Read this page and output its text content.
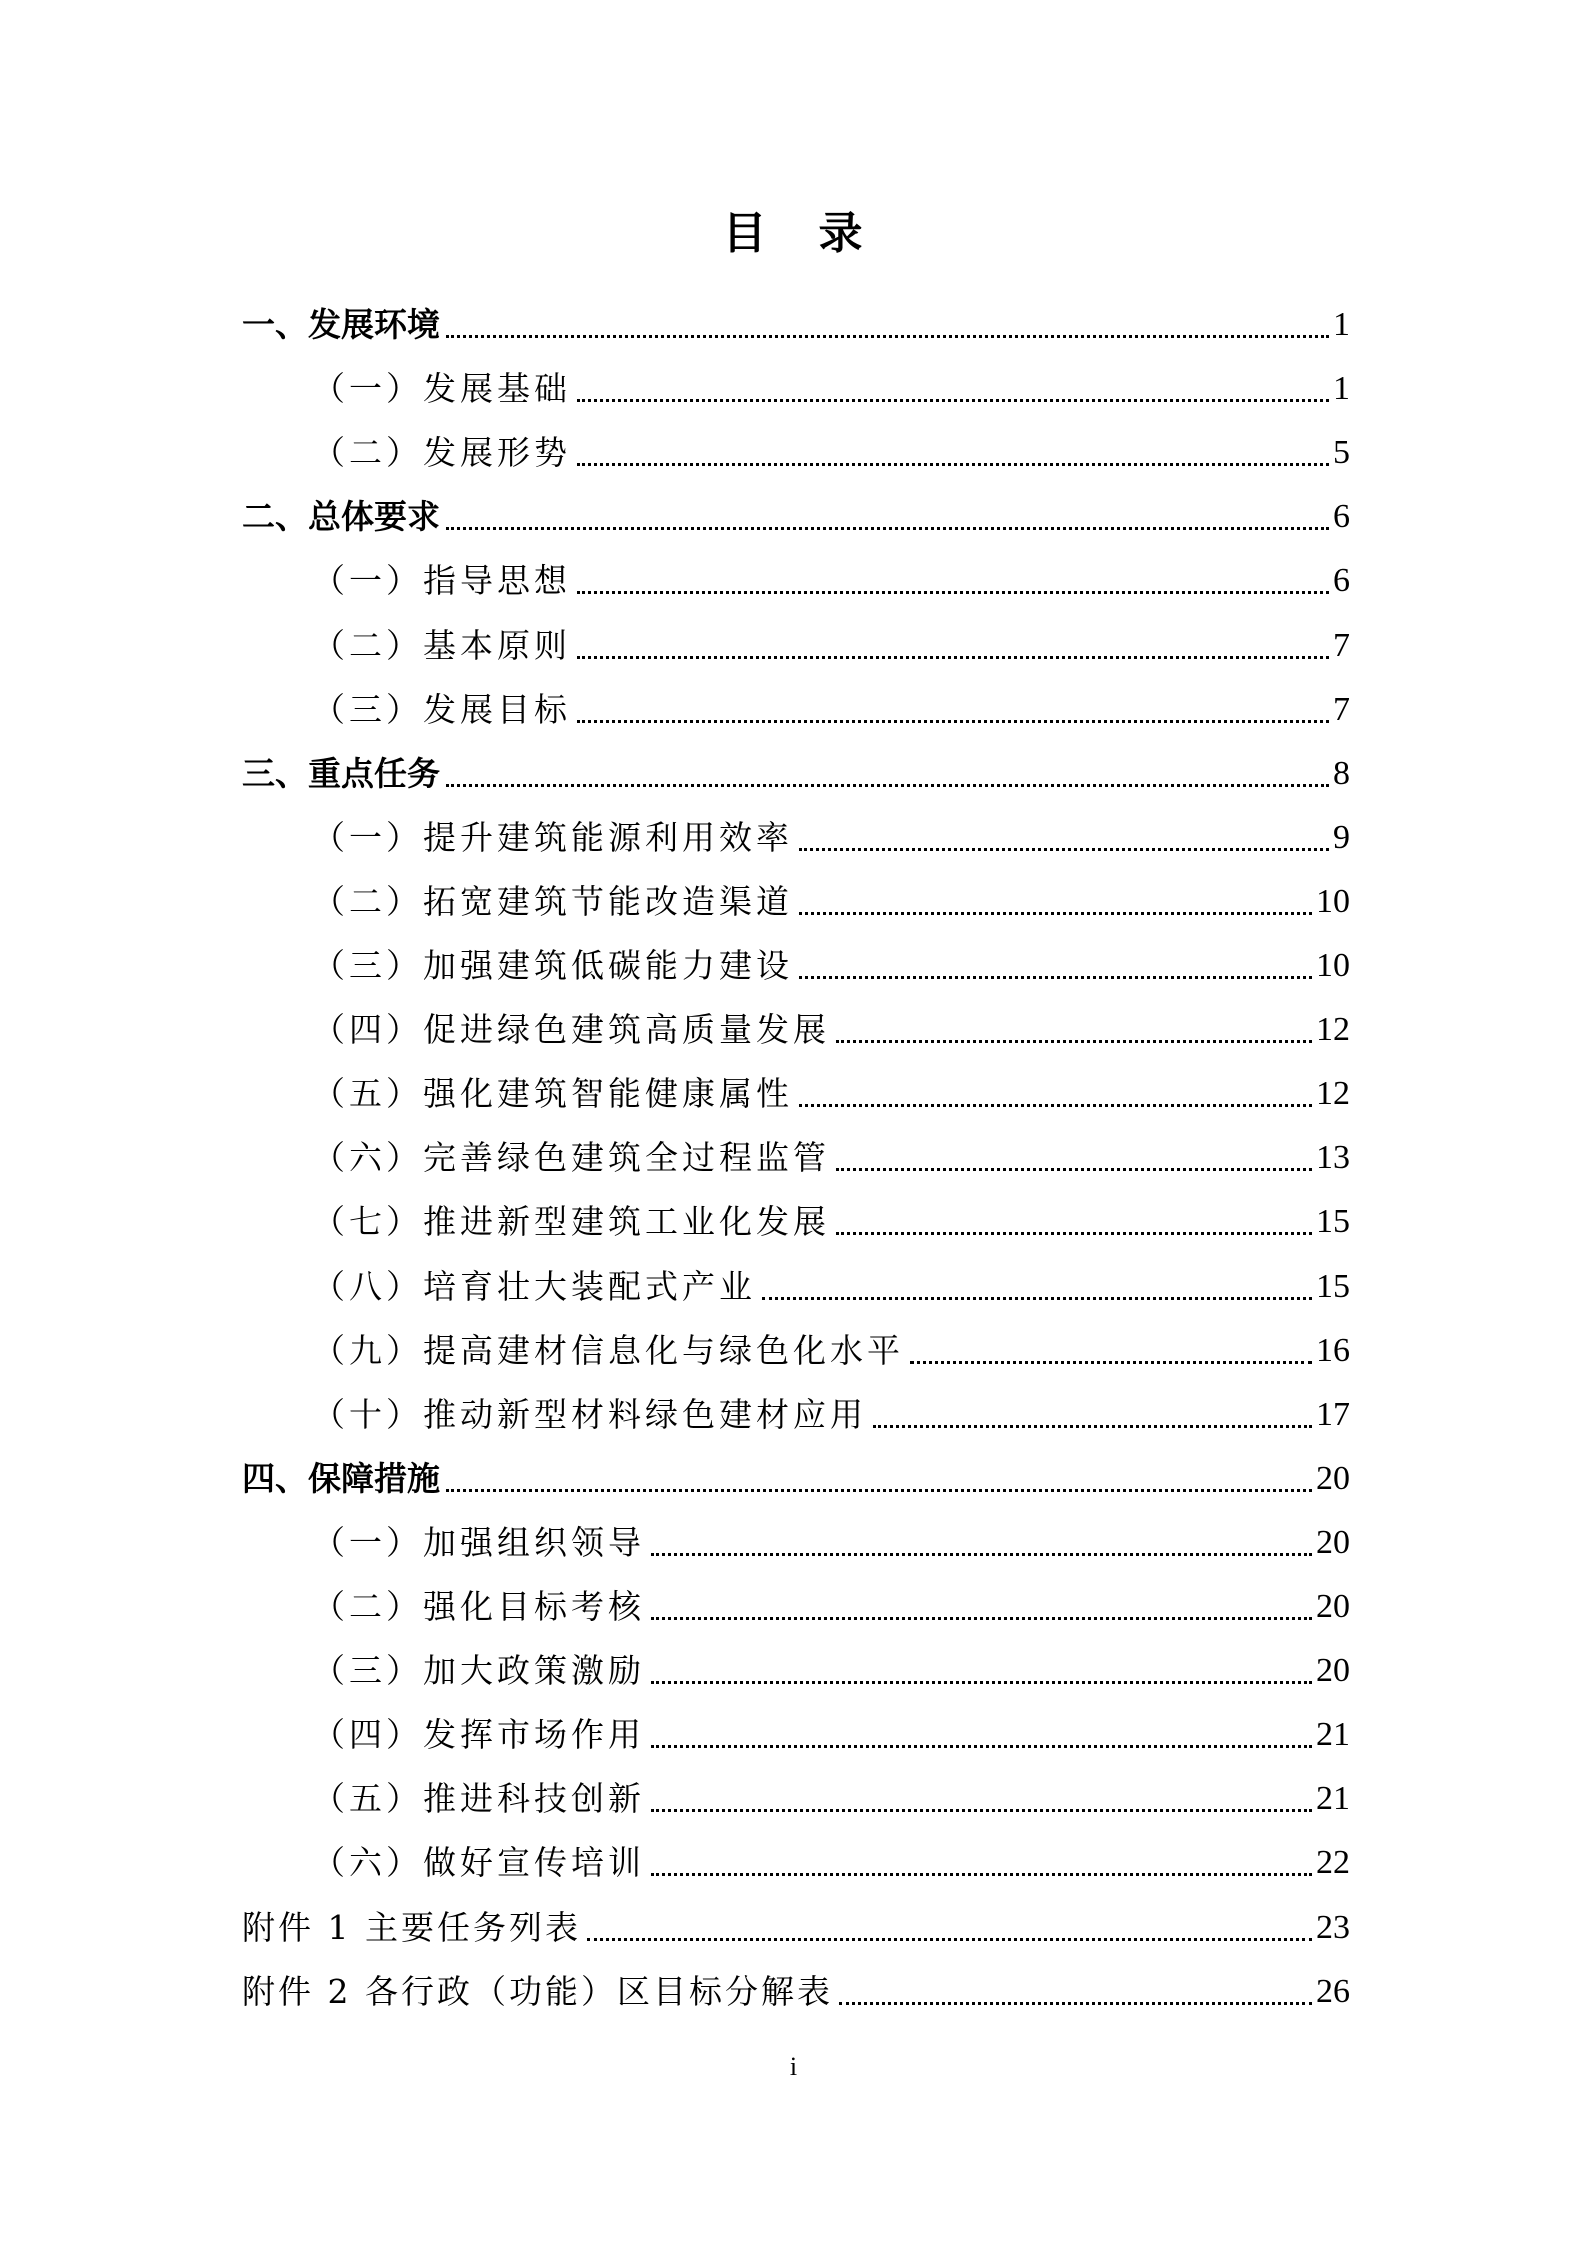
目 录
一、发展环境	1
（一）发展基础	1
（二）发展形势	5
二、总体要求	6
（一）指导思想	6
（二）基本原则	7
（三）发展目标	7
三、重点任务	8
（一）提升建筑能源利用效率	9
（二）拓宽建筑节能改造渠道	10
（三）加强建筑低碳能力建设	10
（四）促进绿色建筑高质量发展	12
（五）强化建筑智能健康属性	12
（六）完善绿色建筑全过程监管	13
（七）推进新型建筑工业化发展	15
（八）培育壮大装配式产业	15
（九）提高建材信息化与绿色化水平	16
（十）推动新型材料绿色建材应用	17
四、保障措施	20
（一）加强组织领导	20
（二）强化目标考核	20
（三）加大政策激励	20
（四）发挥市场作用	21
（五）推进科技创新	21
（六）做好宣传培训	22
附件 1 主要任务列表	23
附件 2 各行政（功能）区目标分解表	26
i
